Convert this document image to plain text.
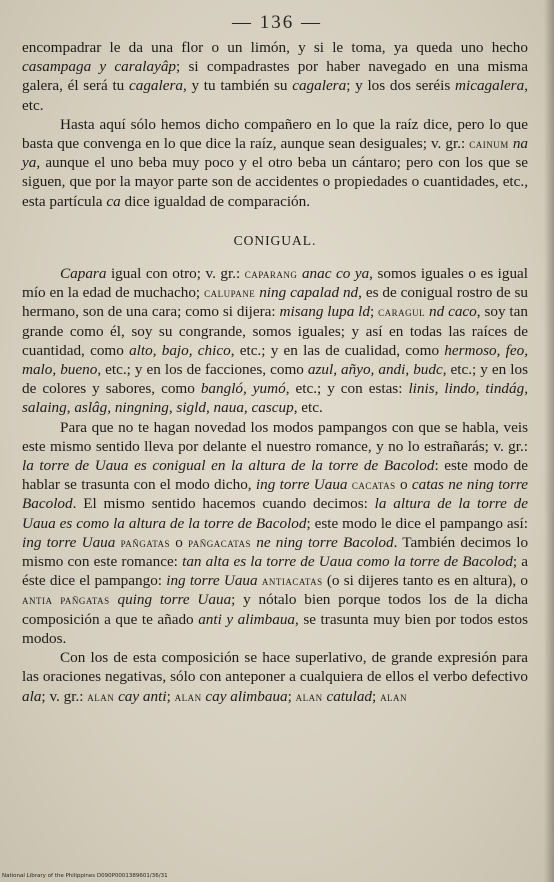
— 136 —

encompadrar le da una flor o un limón, y si le toma, ya queda uno hecho casampaga y caralayâp; si compadrastes por haber navegado en una misma galera, él será tu cagalera, y tu también su cagalera; y los dos seréis micagalera, etc.

Hasta aquí sólo hemos dicho compañero en lo que la raíz dice, pero lo que basta que convenga en lo que dice la raíz, aunque sean desiguales; v. gr.: cainum na ya, aunque el uno beba muy poco y el otro beba un cántaro; pero con los que se siguen, que por la mayor parte son de accidentes o propiedades o cuantidades, etc., esta partícula ca dice igualdad de comparación.

CONIGUAL.

Capara igual con otro; v. gr.: caparang anac co ya, somos iguales o es igual mío en la edad de muchacho; calupane ning capalad nd, es de conigual rostro de su hermano, son de una cara; como si dijera: misang lupa ld; caragul nd caco, soy tan grande como él, soy su congrande, somos iguales; y así en todas las raíces de cuantidad, como alto, bajo, chico, etc.; y en las de cualidad, como hermoso, feo, malo, bueno, etc.; y en los de facciones, como azul, añyo, andi, budc, etc.; y en los de colores y sabores, como bangló, yumó, etc.; y con estas: linis, lindo, tindág, salaing, aslâg, ningning, sigld, naua, cascup, etc.

Para que no te hagan novedad los modos pampangos con que se habla, veis este mismo sentido lleva por delante el nuestro romance, y no lo estrañarás; v. gr.: la torre de Uaua es conigual en la altura de la torre de Bacolod: este modo de hablar se trasunta con el modo dicho, ing torre Uaua cacatas o catas ne ning torre Bacolod. El mismo sentido hacemos cuando decimos: la altura de la torre de Uaua es como la altura de la torre de Bacolod; este modo le dice el pampango así: ing torre Uaua pañgatas o pañgacatas ne ning torre Bacolod. También decimos lo mismo con este romance: tan alta es la torre de Uaua como la torre de Bacolod; a éste dice el pampango: ing torre Uaua antiacatas (o si dijeres tanto es en altura), o antia pañgatas quing torre Uaua; y nótalo bien porque todos los de la dicha composición a que te añado anti y alimbaua, se trasunta muy bien por todos estos modos.

Con los de esta composición se hace superlativo, de grande expresión para las oraciones negativas, sólo con anteponer a cualquiera de ellos el verbo defectivo ala; v. gr.: alan cay anti; alan cay alimbaua; alan catulad; alan

National Library of the Philippines D090P0001389601/36/31
